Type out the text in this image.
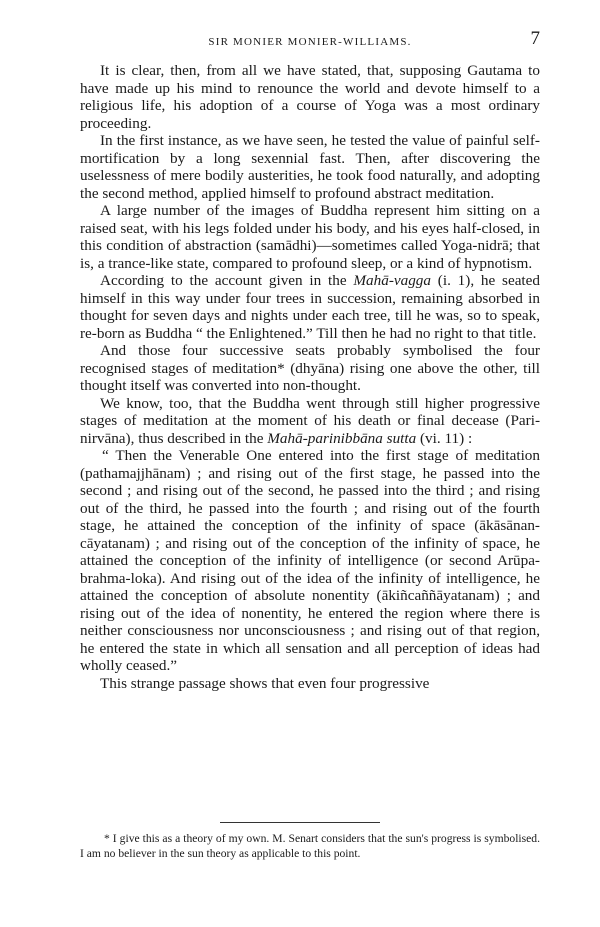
SIR MONIER MONIER-WILLIAMS.	7

It is clear, then, from all we have stated, that, supposing Gautama to have made up his mind to renounce the world and devote himself to a religious life, his adoption of a course of Yoga was a most ordinary proceeding.

In the first instance, as we have seen, he tested the value of painful self-mortification by a long sexennial fast. Then, after discovering the uselessness of mere bodily austerities, he took food naturally, and adopting the second method, applied himself to profound abstract meditation.

A large number of the images of Buddha represent him sitting on a raised seat, with his legs folded under his body, and his eyes half-closed, in this condition of abstraction (samādhi)—sometimes called Yoga-nidrā; that is, a trance-like state, compared to profound sleep, or a kind of hypnotism.

According to the account given in the Mahā-vagga (i. 1), he seated himself in this way under four trees in succession, remaining absorbed in thought for seven days and nights under each tree, till he was, so to speak, re-born as Buddha “ the Enlightened.” Till then he had no right to that title.

And those four successive seats probably symbolised the four recognised stages of meditation* (dhyāna) rising one above the other, till thought itself was converted into non-thought.

We know, too, that the Buddha went through still higher progressive stages of meditation at the moment of his death or final decease (Pari-nirvāna), thus described in the Mahā-parinibbāna sutta (vi. 11) :

“ Then the Venerable One entered into the first stage of meditation (pathamajjhānam) ; and rising out of the first stage, he passed into the second ; and rising out of the second, he passed into the third ; and rising out of the third, he passed into the fourth ; and rising out of the fourth stage, he attained the conception of the infinity of space (ākāsānan-cāyatanam) ; and rising out of the conception of the infinity of space, he attained the conception of the infinity of intelligence (or second Arūpa-brahma-loka). And rising out of the idea of the infinity of intelligence, he attained the conception of absolute nonentity (ākiñcaññāyatanam) ; and rising out of the idea of nonentity, he entered the region where there is neither consciousness nor unconsciousness ; and rising out of that region, he entered the state in which all sensation and all perception of ideas had wholly ceased.”

This strange passage shows that even four progressive

* I give this as a theory of my own. M. Senart considers that the sun's progress is symbolised. I am no believer in the sun theory as applicable to this point.
